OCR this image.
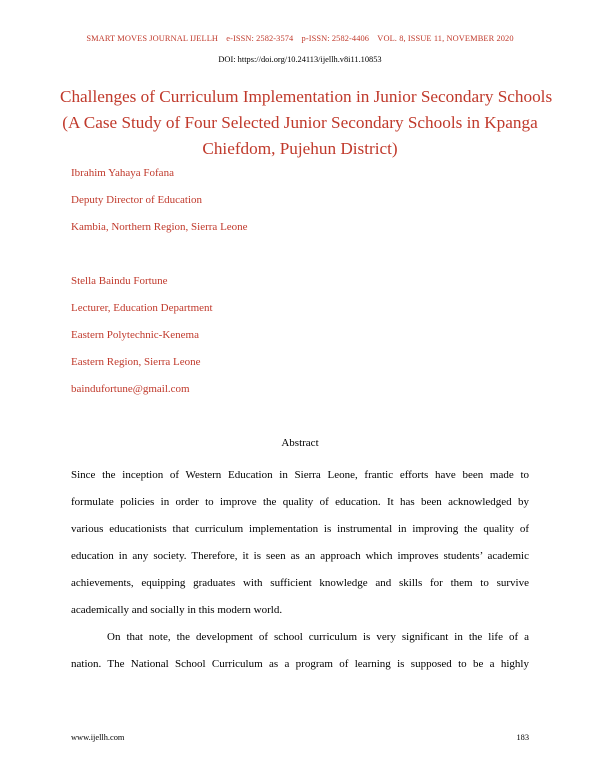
SMART MOVES JOURNAL IJELLH e-ISSN: 2582-3574 p-ISSN: 2582-4406 VOL. 8, ISSUE 11, NOVEMBER 2020
DOI: https://doi.org/10.24113/ijellh.v8i11.10853
Challenges of Curriculum Implementation in Junior Secondary Schools
(A Case Study of Four Selected Junior Secondary Schools in Kpanga
Chiefdom, Pujehun District)
Ibrahim Yahaya Fofana
Deputy Director of Education
Kambia, Northern Region, Sierra Leone
Stella Baindu Fortune
Lecturer, Education Department
Eastern Polytechnic-Kenema
Eastern Region, Sierra Leone
baindufortune@gmail.com
Abstract
Since the inception of Western Education in Sierra Leone, frantic efforts have been made to
formulate policies in order to improve the quality of education. It has been acknowledged by
various educationists that curriculum implementation is instrumental in improving the quality of
education in any society. Therefore, it is seen as an approach which improves students’ academic
achievements, equipping graduates with sufficient knowledge and skills for them to survive
academically and socially in this modern world.
On that note, the development of school curriculum is very significant in the life of a
nation. The National School Curriculum as a program of learning is supposed to be a highly
www.ijellh.com	183
